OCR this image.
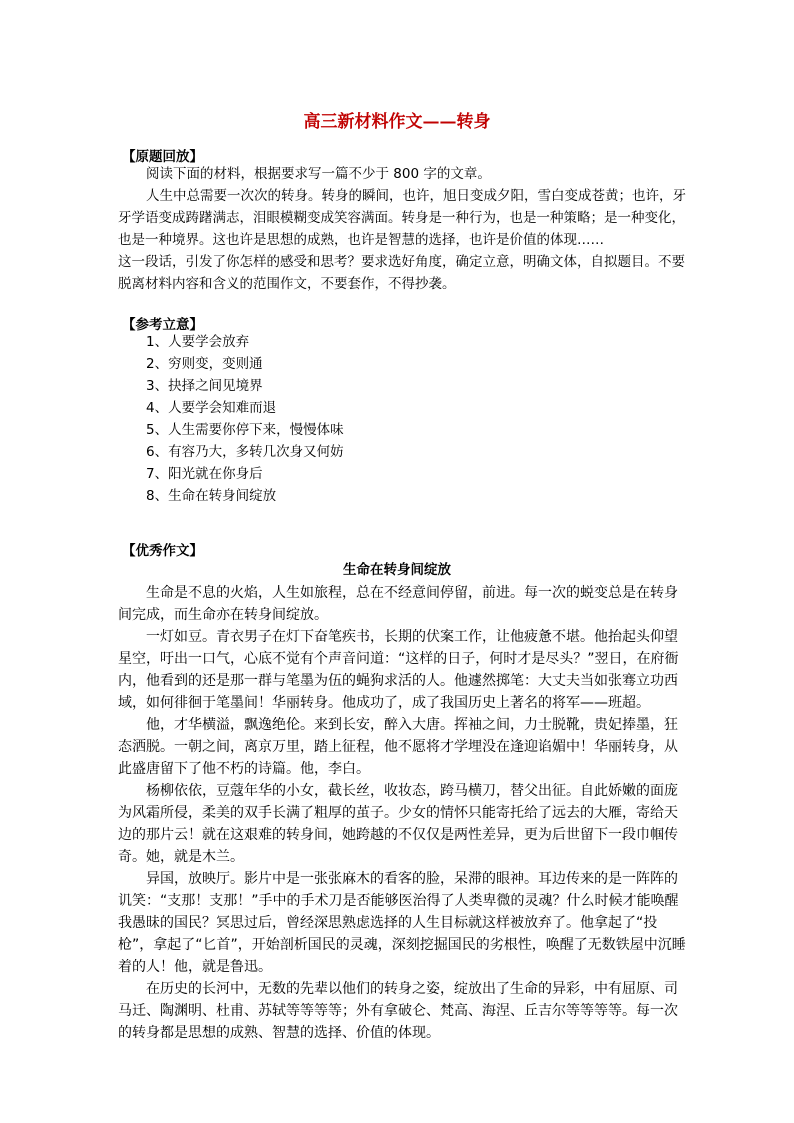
高三新材料作文——转身
【原题回放】

阅读下面的材料，根据要求写一篇不少于 800 字的文章。

人生中总需要一次次的转身。转身的瞬间，也许，旭日变成夕阳，雪白变成苍黄；也许，牙牙学语变成踌躇满志，泪眼模糊变成笑容满面。转身是一种行为，也是一种策略；是一种变化，也是一种境界。这也许是思想的成熟，也许是智慧的选择，也许是价值的体现……

这一段话，引发了你怎样的感受和思考？要求选好角度，确定立意，明确文体，自拟题目。不要脱离材料内容和含义的范围作文，不要套作，不得抄袭。

【参考立意】
1、人要学会放弃
2、穷则变，变则通
3、抉择之间见境界
4、人要学会知难而退
5、人生需要你停下来，慢慢体味
6、有容乃大，多转几次身又何妨
7、阳光就在你身后
8、生命在转身间绽放
【优秀作文】
生命在转身间绽放

生命是不息的火焰，人生如旅程，总在不经意间停留，前进。每一次的蜕变总是在转身间完成，而生命亦在转身间绽放。

一灯如豆。青衣男子在灯下奋笔疾书，长期的伏案工作，让他疲惫不堪。他抬起头仰望星空，吁出一口气，心底不觉有个声音问道：“这样的日子，何时才是尽头？”翌日，在府衙内，他看到的还是那一群与笔墨为伍的蝇狗求活的人。他遽然掷笔：大丈夫当如张骞立功西域，如何徘徊于笔墨间！华丽转身。他成功了，成了我国历史上著名的将军——班超。

他，才华横溢，飘逸绝伦。来到长安，醉入大唐。挥袖之间，力士脱靴，贵妃捧墨，狂态洒脱。一朝之间，离京万里，踏上征程，他不愿将才学埋没在逢迎谄媚中！华丽转身，从此盛唐留下了他不朽的诗篇。他，李白。

杨柳依依，豆蔻年华的小女，截长丝，收妆态，跨马横刀，替父出征。自此娇嫩的面庞为风霜所侵，柔美的双手长满了粗厚的茧子。少女的情怀只能寄托给了远去的大雁，寄给天边的那片云！就在这艰难的转身间，她跨越的不仅仅是两性差异，更为后世留下一段巾帼传奇。她，就是木兰。

异国，放映厅。影片中是一张张麻木的看客的脸，呆滞的眼神。耳边传来的是一阵阵的讥笑：“支那！支那！”手中的手术刀是否能够医治得了人类卑微的灵魂？什么时候才能唤醒我愚昧的国民？冥思过后，曾经深思熟虑选择的人生目标就这样被放弃了。他拿起了“投枪”，拿起了“匕首”，开始剖析国民的灵魂，深刻挖掘国民的劣根性，唤醒了无数铁屋中沉睡着的人！他，就是鲁迅。

在历史的长河中，无数的先辈以他们的转身之姿，绽放出了生命的异彩，中有屈原、司马迁、陶渊明、杜甫、苏轼等等等等；外有拿破仑、梵高、海涅、丘吉尔等等等等。每一次的转身都是思想的成熟、智慧的选择、价值的体现。
